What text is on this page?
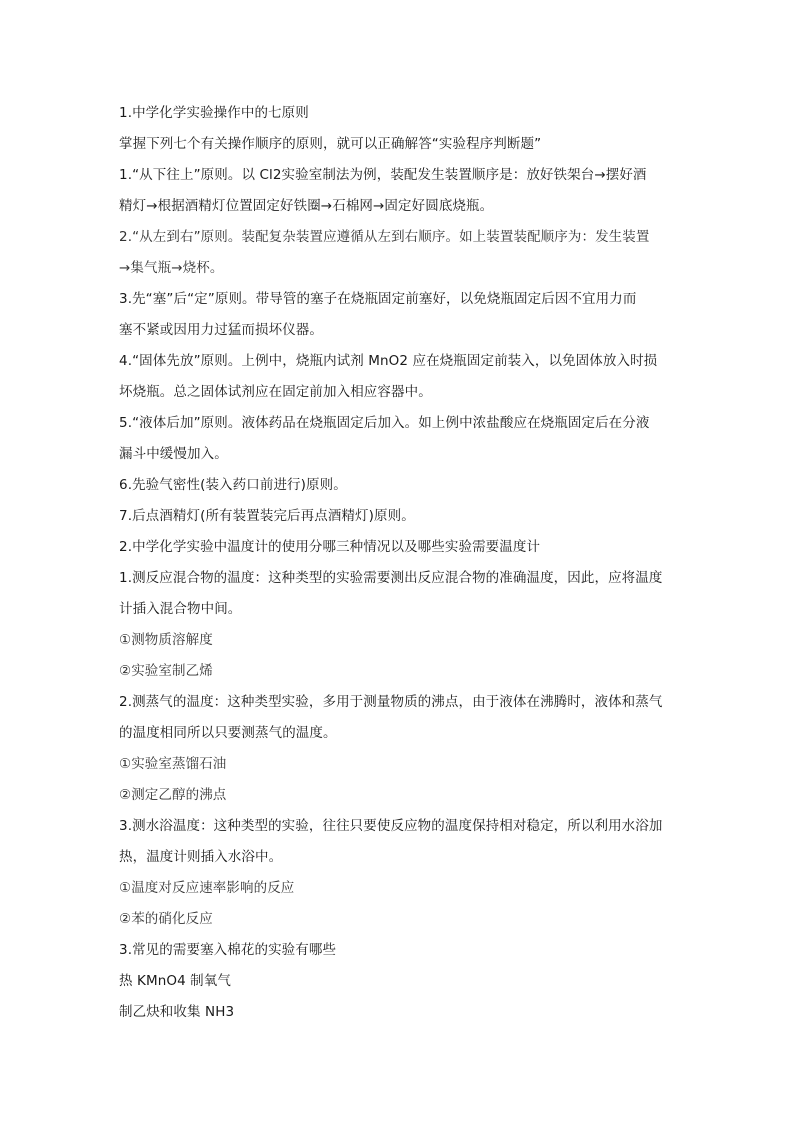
1.中学化学实验操作中的七原则

掌握下列七个有关操作顺序的原则，就可以正确解答“实验程序判断题”

1.“从下往上”原则。以 Cl2实验室制法为例，装配发生装置顺序是：放好铁架台→摆好酒

精灯→根据酒精灯位置固定好铁圈→石棉网→固定好圆底烧瓶。

2.“从左到右”原则。装配复杂装置应遵循从左到右顺序。如上装置装配顺序为：发生装置

→集气瓶→烧杯。

3.先“塞”后“定”原则。带导管的塞子在烧瓶固定前塞好，以免烧瓶固定后因不宜用力而

塞不紧或因用力过猛而损坏仪器。

4.“固体先放”原则。上例中，烧瓶内试剂 MnO2 应在烧瓶固定前装入，以免固体放入时损

坏烧瓶。总之固体试剂应在固定前加入相应容器中。

5.“液体后加”原则。液体药品在烧瓶固定后加入。如上例中浓盐酸应在烧瓶固定后在分液

漏斗中缓慢加入。

6.先验气密性(装入药口前进行)原则。

7.后点酒精灯(所有装置装完后再点酒精灯)原则。

2.中学化学实验中温度计的使用分哪三种情况以及哪些实验需要温度计

1.测反应混合物的温度：这种类型的实验需要测出反应混合物的准确温度，因此，应将温度

计插入混合物中间。

①测物质溶解度

②实验室制乙烯

2.测蒸气的温度：这种类型实验，多用于测量物质的沸点，由于液体在沸腾时，液体和蒸气

的温度相同所以只要测蒸气的温度。

①实验室蒸馏石油

②测定乙醇的沸点

3.测水浴温度：这种类型的实验，往往只要使反应物的温度保持相对稳定，所以利用水浴加

热，温度计则插入水浴中。

①温度对反应速率影响的反应

②苯的硝化反应

3.常见的需要塞入棉花的实验有哪些

热 KMnO4 制氧气

制乙炔和收集 NH3
